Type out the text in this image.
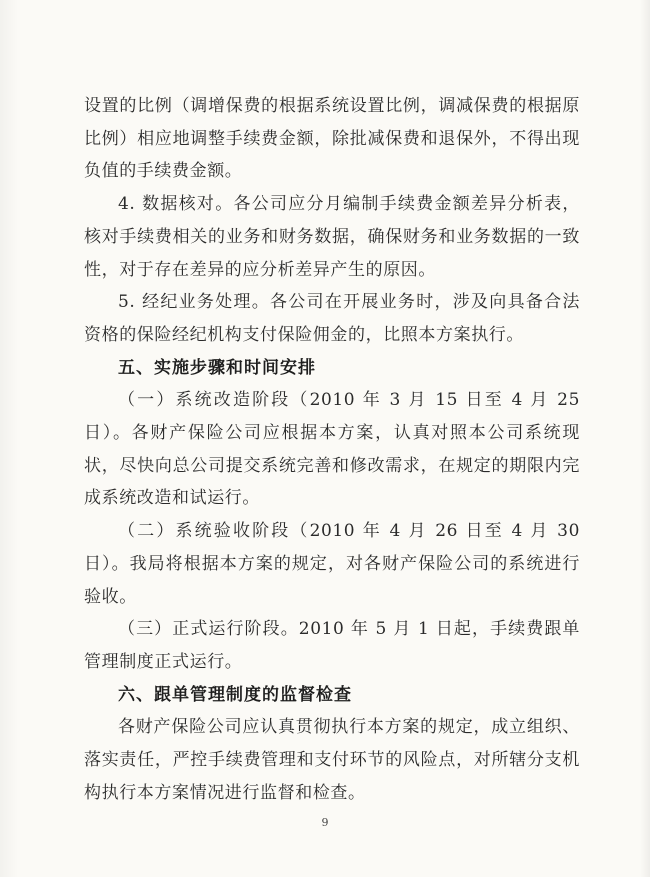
设置的比例（调增保费的根据系统设置比例，调减保费的根据原比例）相应地调整手续费金额，除批减保费和退保外，不得出现负值的手续费金额。

4. 数据核对。各公司应分月编制手续费金额差异分析表，核对手续费相关的业务和财务数据，确保财务和业务数据的一致性，对于存在差异的应分析差异产生的原因。

5. 经纪业务处理。各公司在开展业务时，涉及向具备合法资格的保险经纪机构支付保险佣金的，比照本方案执行。

五、实施步骤和时间安排

（一）系统改造阶段（2010 年 3 月 15 日至 4 月 25 日）。各财产保险公司应根据本方案，认真对照本公司系统现状，尽快向总公司提交系统完善和修改需求，在规定的期限内完成系统改造和试运行。

（二）系统验收阶段（2010 年 4 月 26 日至 4 月 30 日）。我局将根据本方案的规定，对各财产保险公司的系统进行验收。

（三）正式运行阶段。2010 年 5 月 1 日起，手续费跟单管理制度正式运行。

六、跟单管理制度的监督检查

各财产保险公司应认真贯彻执行本方案的规定，成立组织、落实责任，严控手续费管理和支付环节的风险点，对所辖分支机构执行本方案情况进行监督和检查。

9
